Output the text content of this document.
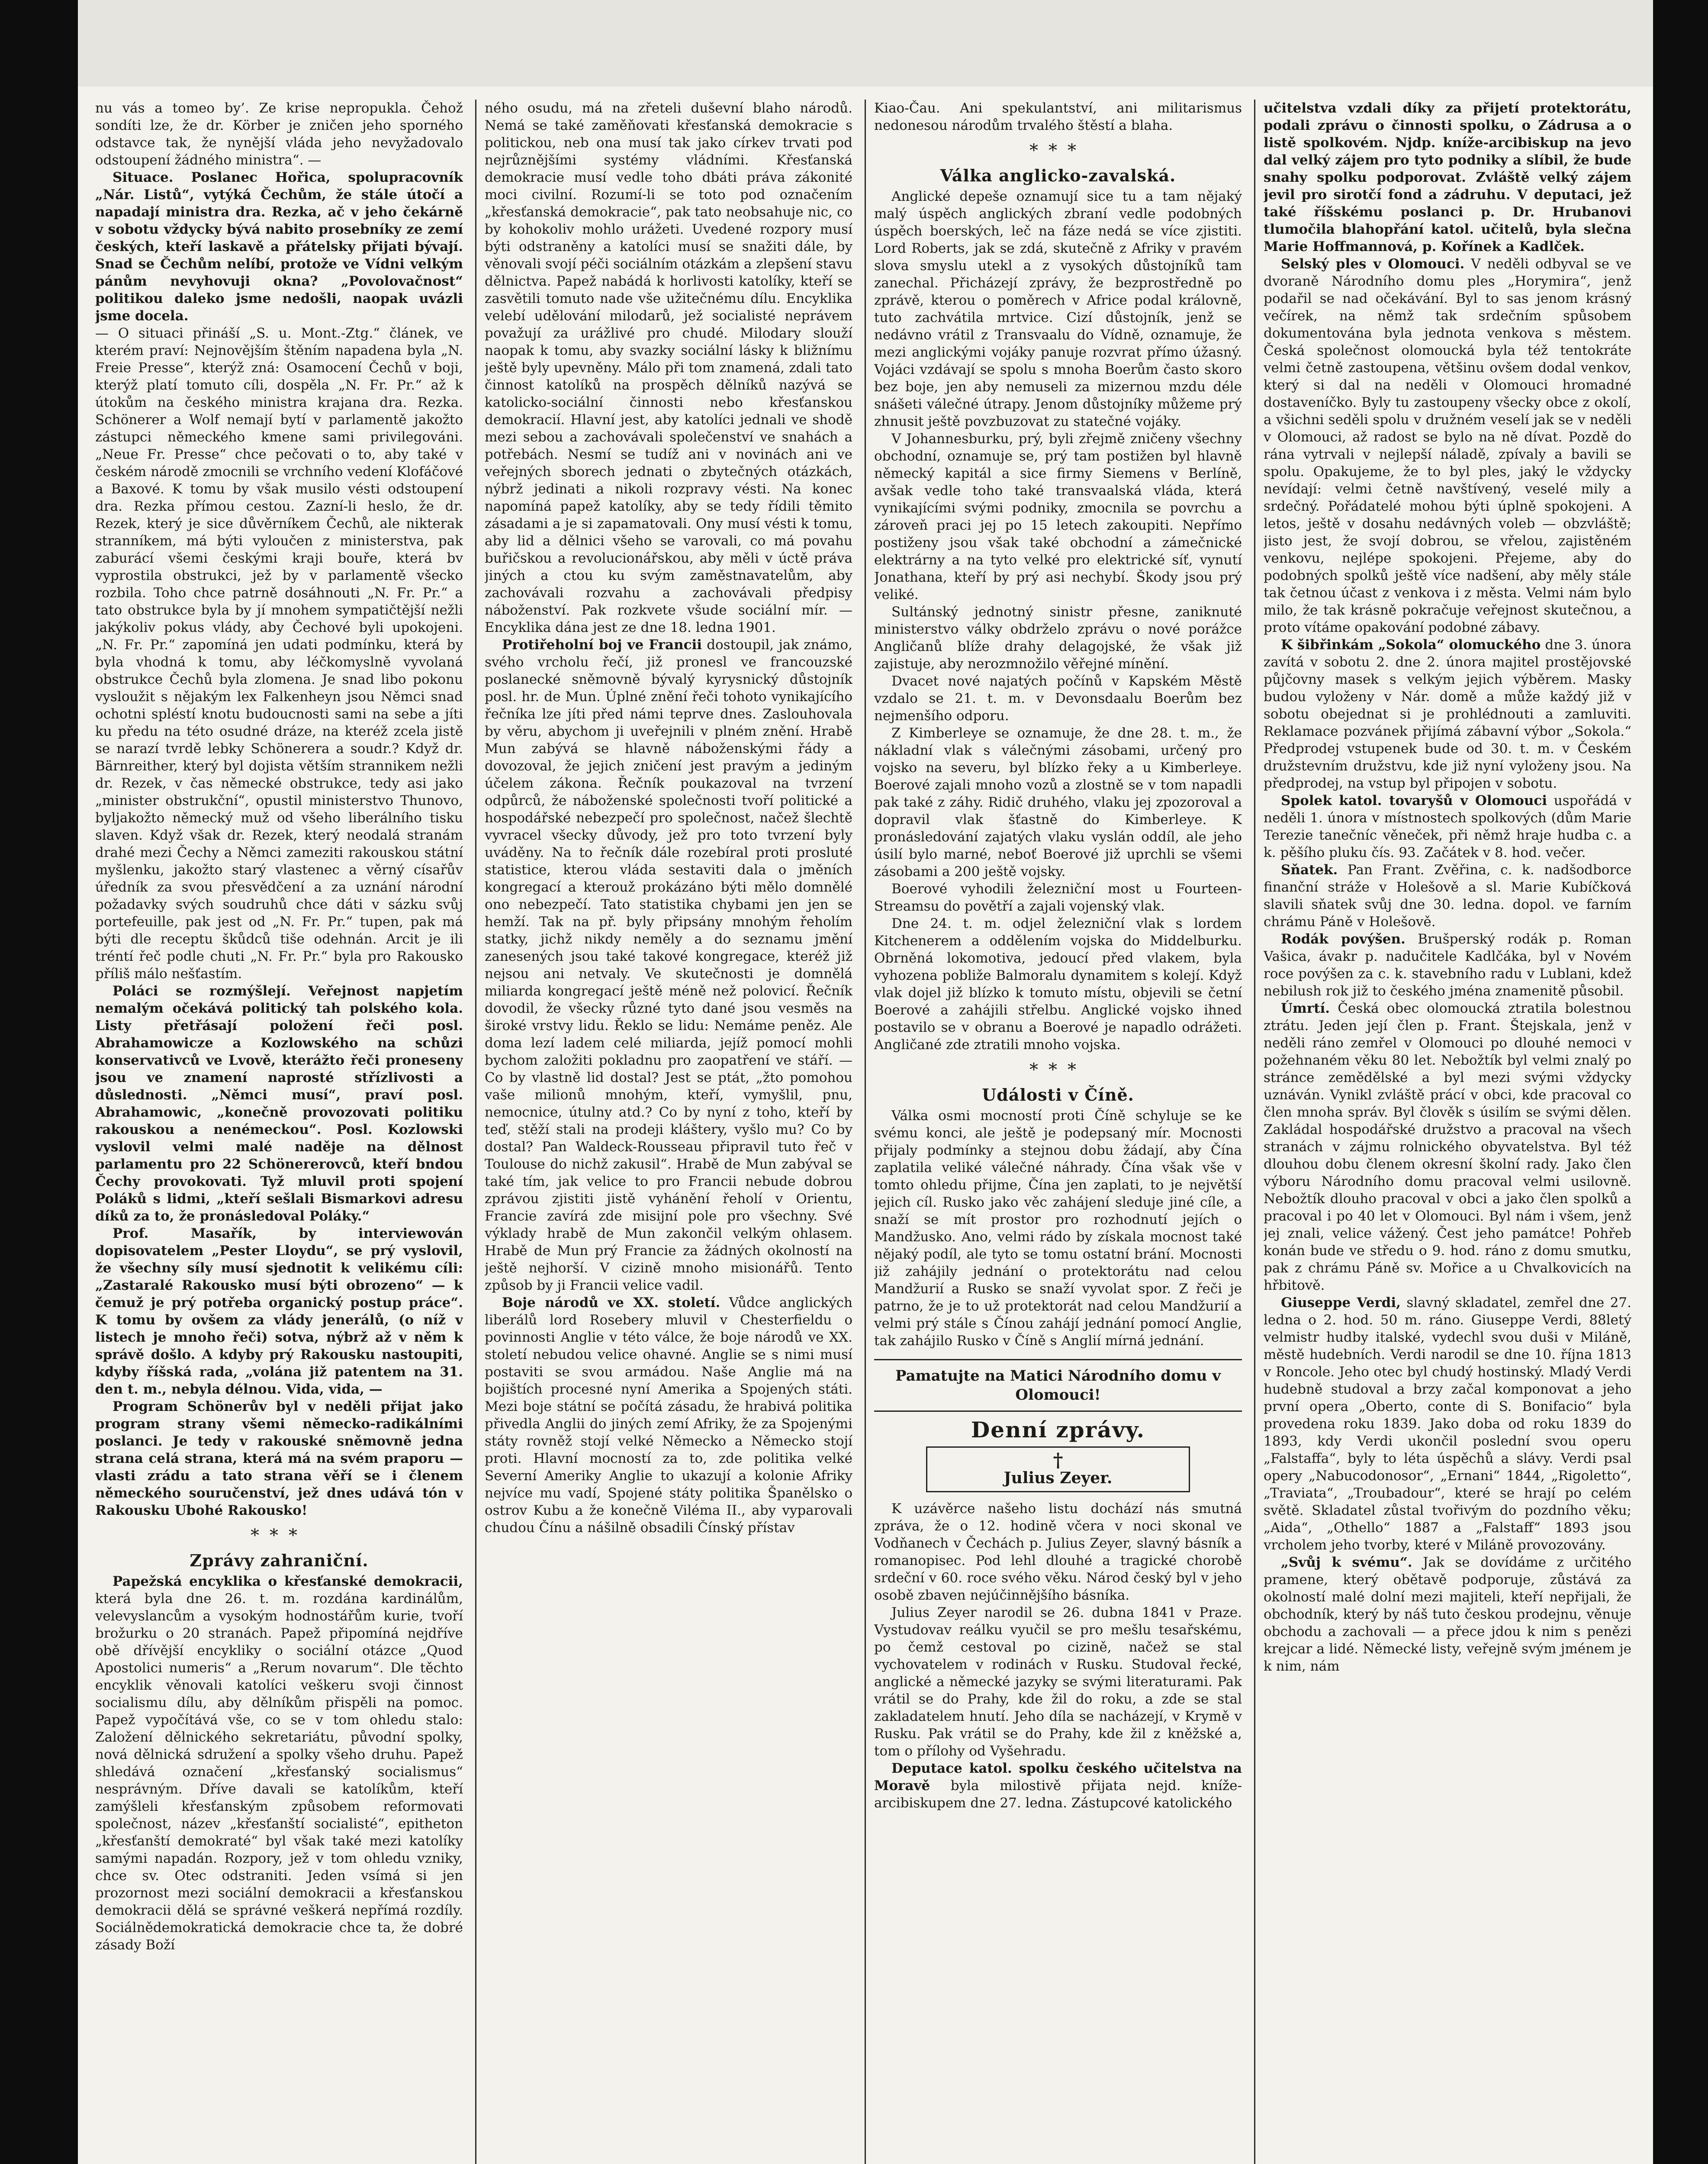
nu vás a tomeo by’. Ze krise nepropukla. Čehož sondíti lze, že dr. Körber je zničen jeho sporného odstavce tak, že nynější vláda jeho nevyžadovalo odstoupení žádného ministra“. —

Situace. Poslanec Hořica, spolupracovník „Nár. Listů“, vytýká Čechům, že stále útočí a napadají ministra dra. Rezka, ač v jeho čekárně v sobotu vždycky bývá nabito prosebníky ze zemí českých, kteří laskavě a přátelsky přijati bývají. Snad se Čechům nelíbí, protože ve Vídni velkým pánům nevyhovuji okna? „Povolovačnost“ politikou daleko jsme nedošli, naopak uvázli jsme docela.

— O situaci přináší „S. u. Mont.-Ztg.“ článek, ve kterém praví: Nejnovějším štěním napadena byla „N. Freie Presse“, kterýž zná: Osamocení Čechů v boji, kterýž platí tomuto cíli, dospěla „N. Fr. Pr.“ až k útokům na českého ministra krajana dra. Rezka. Schönerer a Wolf nemají bytí v parlamentě jakožto zástupci německého kmene sami privilegováni. „Neue Fr. Presse“ chce pečovati o to, aby také v českém národě zmocnili se vrchního vedení Klofáčové a Baxové. K tomu by však musilo vésti odstoupení dra. Rezka přímou cestou. Zazní-li heslo, že dr. Rezek, který je sice důvěrníkem Čechů, ale nikterak stranníkem, má býti vyloučen z ministerstva, pak zaburácí všemi českými kraji bouře, která bv vyprostila obstrukci, jež by v parlamentě všecko rozbila. Toho chce patrně dosáhnouti „N. Fr. Pr.“ a tato obstrukce byla by jí mnohem sympatičtější nežli jakýkoliv pokus vlády, aby Čechové byli upokojeni. „N. Fr. Pr.“ zapomíná jen udati podmínku, která by byla vhodná k tomu, aby léčkomyslně vyvolaná obstrukce Čechů byla zlomena. Je snad libo pokonu vysloužit s nějakým lex Falkenheyn jsou Němci snad ochotni spléstí knotu budoucnosti sami na sebe a jíti ku předu na této osudné dráze, na kteréž zcela jistě se narazí tvrdě lebky Schönerera a soudr.? Když dr. Bärnreither, který byl dojista větším strannikem nežli dr. Rezek, v čas německé obstrukce, tedy asi jako „minister obstrukční“, opustil ministerstvo Thunovo, byljakožto německý muž od všeho liberálního tisku slaven. Když však dr. Rezek, který neodalá stranám drahé mezi Čechy a Němci zameziti rakouskou státní myšlenku, jakožto starý vlastenec a věrný císařův úředník za svou přesvědčení a za uznání národní požadavky svých soudruhů chce dáti v sázku svůj portefeuille, pak jest od „N. Fr. Pr.“ tupen, pak má býti dle receptu škůdců tiše odehnán. Arcit je ili tréntí řeč podle chuti „N. Fr. Pr.“ byla pro Rakousko příliš málo nešťastím.

Poláci se rozmýšlejí. Veřejnost napjetím nemalým očekává politický tah polského kola. Listy přetřásají položení řeči posl. Abrahamowicze a Kozlowského na schůzi konservativců ve Lvově, kterážto řeči proneseny jsou ve znamení naprosté střízlivosti a důslednosti. „Němci musí“, praví posl. Abrahamowic, „konečně provozovati politiku rakouskou a nenémeckou“. Posl. Kozlowski vyslovil velmi malé naděje na dělnost parlamentu pro 22 Schönererovců, kteří bndou Čechy provokovati. Tyž mluvil proti spojení Poláků s lidmi, „kteří sešlali Bismarkovi adresu díků za to, že pronásledoval Poláky.“

Prof. Masařík,	by interviewován dopisovatelem „Pester Lloydu“, se prý vyslovil, že všechny síly musí sjednotit k velikému cíli: „Zastaralé Rakousko musí býti obrozeno“ — k čemuž je prý potřeba organický postup práce“. K tomu by ovšem za vlády jenerálů, (o níž v listech je mnoho řeči) sotva, nýbrž až v něm k správě došlo. A kdyby prý Rakousku nastoupiti, kdyby říšská rada, „volána již patentem na 31. den t. m., nebyla délnou. Vida, vida, —

Program Schönerův byl v neděli přijat jako program strany všemi německo-radikálními poslanci. Je tedy v rakouské sněmovně jedna strana celá strana, která má na svém praporu — vlasti zrádu a tato strana věří se i členem německého souručenství, jež dnes udává tón v Rakousku Ubohé Rakousko!

***
Zprávy zahraniční.

Papežská encyklika o křesťanské demokracii, která byla dne 26. t. m. rozdána kardinálům, velevyslancům a vysokým hodnostářům kurie, tvoří brožurku o 20 stranách. Papež připomíná nejdříve obě dřívější encykliky o sociální otázce „Quod Apostolici numeris“ a „Rerum novarum“. Dle těchto encyklik věnovali katolíci veškeru svoji činnost socialismu dílu, aby dělníkům přispěli na pomoc. Papež vypočítává vše, co se v tom ohledu stalo: Založení dělnického sekretariátu, původní spolky, nová dělnická sdružení a spolky všeho druhu. Papež shledává označení „křesťanský socialismus“ nesprávným. Dříve davali se katolíkům, kteří zamýšleli křesťanským způsobem reformovati společnost, název „křesťanští socialisté“, epitheton „křesťanští demokraté“ byl však také mezi katolíky samými napadán. Rozpory, jež v tom ohledu vzniky, chce sv. Otec odstraniti. Jeden vsímá si jen prozornost mezi sociální demokracii a křesťanskou demokracii dělá se správné veškerá nepřímá rozdíly. Sociálnědemokratická demokracie chce ta, že dobré zásady Boží

ného osudu, má na zřeteli duševní blaho národů. Nemá se také zaměňovati křesťanská demokracie s politickou, neb ona musí tak jako církev trvati pod nejrůznějšími systémy vládními. Křesťanská demokracie musí vedle toho dbáti práva zákonité moci civilní. Rozumí-li se toto pod označením „křesťanská demokracie“, pak tato neobsahuje nic, co by kohokoliv mohlo urážeti. Uvedené rozpory musí býti odstraněny a katolíci musí se snažiti dále, by věnovali svojí péči sociálním otázkám a zlepšení stavu dělnictva. Papež nabádá k horlivosti katolíky, kteří se zasvětili tomuto nade vše užitečnému dílu. Encyklika velebí udělování milodarů, jež socialisté neprávem považují za urážlivé pro chudé. Milodary slouží naopak k tomu, aby svazky sociální lásky k bližnímu ještě byly upevněny. Málo při tom znamená, zdali tato činnost katolíků na prospěch dělníků nazývá se katolicko-sociální činnosti nebo křesťanskou demokracií. Hlavní jest, aby katolíci jednali ve shodě mezi sebou a zachovávali společenství ve snahách a potřebách. Nesmí se tudíž ani v novinách ani ve veřejných sborech jednati o zbytečných otázkách, nýbrž jedinati a nikoli rozpravy vésti. Na konec napomíná papež katolíky, aby se tedy řídili těmito zásadami a je si zapamatovali. Ony musí vésti k tomu, aby lid a dělnici všeho se varovali, co má povahu buřičskou a revolucionářskou, aby měli v úctě práva jiných a ctou ku svým zaměstnavatelům, aby zachovávali rozvahu a zachovávali předpisy náboženství. Pak rozkvete všude sociální mír. — Encyklika dána jest ze dne 18. ledna 1901.

Protiřeholní boj ve Francii dostoupil, jak známo, svého vrcholu řečí, již pronesl ve francouzské poslanecké sněmovně bývalý kyrysnický důstojník posl. hr. de Mun. Úplné znění řeči tohoto vynikajícího řečníka lze jíti před námi teprve dnes. Zaslouhovala by věru, abychom ji uveřejnili v plném znění. Hrabě Mun zabývá se hlavně náboženskými řády a dovozoval, že jejich zničení jest pravým a jediným účelem zákona. Řečník poukazoval na tvrzení odpůrců, že náboženské společnosti tvoří politické a hospodářské nebezpečí pro společnost, načež šlechtě vyvracel všecky důvody, jež pro toto tvrzení byly uváděny. Na to řečník dále rozebíral proti prosluté statistice, kterou vláda sestaviti dala o jměních kongregací a kterouž prokázáno býti mělo domnělé ono nebezpečí. Tato statistika chybami jen jen se hemží. Tak na př. byly připsány mnohým řeholím statky, jichž nikdy neměly a do seznamu jmění zanesených jsou také takové kongregace, kteréž již nejsou ani netvaly. Ve skutečnosti je domnělá miliarda kongregací ještě méně než polovicí. Řečník dovodil, že všecky různé tyto dané jsou vesměs na široké vrstvy lidu. Řeklo se lidu: Nemáme peněz. Ale doma lezí ladem celé miliarda, jejíž pomocí mohli bychom založiti pokladnu pro zaopatření ve stáří. — Co by vlastně lid dostal? Jest se ptát, „žto pomohou vaše milionů mnohým, kteří, vymyšlil, pnu, nemocnice, útulny atd.? Co by nyní z toho, kteří by teď, stěží stali na prodeji kláštery, vyšlo mu? Co by dostal? Pan Waldeck-Rousseau připravil tuto řeč v Toulouse do nichž zakusil“. Hrabě de Mun zabýval se také tím, jak velice to pro Francii nebude dobrou zprávou zjistiti jistě vyhánění řeholí v Orientu, Francie zavírá zde misijní pole pro všechny. Své výklady hrabě de Mun zakončil velkým ohlasem. Hrabě de Mun prý Francie za žádných okolností na ještě nejhorší. V cizině mnoho misionářů. Tento způsob by ji Francii velice vadil.

Boje národů ve XX. století. Vůdce anglických liberálů lord Rosebery mluvil v Chesterfieldu o povinnosti Anglie v této válce, že boje národů ve XX. století nebudou velice ohavné. Anglie se s nimi musí postaviti se svou armádou. Naše Anglie má na bojištích procesné nyní Amerika a Spojených státi. Mezi boje státní se počítá zásadu, že hrabivá politika přivedla Anglii do jiných zemí Afriky, že za Spojenými státy rovněž stojí velké Německo a Německo stojí proti. Hlavní mocností za to, zde politika velké Severní Ameriky Anglie to ukazují a kolonie Afriky nejvíce mu vadí, Spojené státy politika Španělsko o ostrov Kubu a že konečně Viléma II., aby vyparovali chudou Čínu a nášilně obsadili Čínský přístav

Kiao-Čau. Ani spekulantství, ani militarismus nedonesou národům trvalého štěstí a blaha.

***
Válka anglicko-zavalská.

Anglické depeše oznamují sice tu a tam nějaký malý úspěch anglických zbraní vedle podobných úspěch boerských, leč na fáze nedá se více zjistiti. Lord Roberts, jak se zdá, skutečně z Afriky v pravém slova smyslu utekl a z vysokých důstojníků tam zanechal. Přicházejí zprávy, že bezprostředně po zprávě, kterou o poměrech v Africe podal královně, tuto zachvátila mrtvice. Cizí důstojník, jenž se nedávno vrátil z Transvaalu do Vídně, oznamuje, že mezi anglickými vojáky panuje rozvrat přímo úžasný. Vojáci vzdávají se spolu s mnoha Boerům často skoro bez boje, jen aby nemuseli za mizernou mzdu déle snášeti válečné útrapy. Jenom důstojníky můžeme prý zhnusit ještě povzbuzovat zu statečné vojáky.

V Johannesburku, prý, byli zřejmě zničeny všechny obchodní, oznamuje se, prý tam postižen byl hlavně německý kapitál a sice firmy Siemens v Berlíně, avšak vedle toho také transvaalská vláda, která vynikajícími svými podniky, zmocnila se povrchu a zároveň praci jej po 15 letech zakoupiti. Nepřímo postiženy jsou však také obchodní a zámečnické elektrárny a na tyto velké pro elektrické síť, vynutí Jonathana, kteří by prý asi nechybí. Škody jsou prý veliké.

Sultánský jednotný sinistr přesne, zaniknuté ministerstvo války obdrželo zprávu o nové porážce Angličanů blíže drahy delagojské, že však již zajistuje, aby nerozmnožilo věřejné mínění.

Dvacet nové najatých počínů v Kapském Městě vzdalo se 21. t. m. v Devonsdaalu Boerům bez nejmenšího odporu.

Z Kimberleye se oznamuje, že dne 28. t. m., že nákladní vlak s válečnými zásobami, určený pro vojsko na severu, byl blízko řeky a u Kimberleye. Boerové zajali mnoho vozů a zlostně se v tom napadli pak také z záhy. Ridič druhého, vlaku jej zpozoroval a dopravil vlak šťastně do Kimberleye. K pronásledování zajatých vlaku vyslán oddíl, ale jeho úsilí bylo marné, neboť Boerové již uprchli se všemi zásobami a 200 ještě vojsky.

Boerové vyhodili železniční most u Fourteen-Streamsu do povětří a zajali vojenský vlak.

Dne 24. t. m. odjel železniční vlak s lordem Kitchenerem a oddělením vojska do Middelburku. Obrněná lokomotiva, jedoucí před vlakem, byla vyhozena pobliže Balmoralu dynamitem s kolejí. Když vlak dojel již blízko k tomuto místu, objevili se četní Boerové a zahájili střelbu. Anglické vojsko ihned postavilo se v obranu a Boerové je napadlo odrážeti. Angličané zde ztratili mnoho vojska.

***
Události v Číně.

Válka osmi mocností proti Číně schyluje se ke svému konci, ale ještě je podepsaný mír. Mocnosti přijaly podmínky a stejnou dobu žádají, aby Čína zaplatila veliké válečné náhrady. Čína však vše v tomto ohledu přijme, Čína jen zaplati, to je největší jejich cíl. Rusko jako věc zahájení sleduje jiné cíle, a snaží se mít prostor pro rozhodnutí jejích o Mandžusko. Ano, velmi rádo by získala mocnost také nějaký podíl, ale tyto se tomu ostatní brání. Mocnosti již zahájily jednání o protektorátu nad celou Mandžurií a Rusko se snaží vyvolat spor. Z řeči je patrno, že je to už protektorát nad celou Mandžurií a velmi prý stále s Čínou zahájí jednání pomocí Anglie, tak zahájilo Rusko v Číně s Anglií mírná jednání.

Pamatujte na Matici Národního domu v Olomouci!
Denní zprávy.
†
Julius Zeyer.

K uzávěrce našeho listu dochází nás smutná zpráva, že o 12. hodině včera v noci skonal ve Vodňanech v Čechách p. Julius Zeyer, slavný básník a romanopisec. Pod lehl dlouhé a tragické chorobě srdeční v 60. roce svého věku. Národ český byl v jeho osobě zbaven nejúčinnějšího básníka.

Julius Zeyer narodil se 26. dubna 1841 v Praze. Vystudovav reálku vyučil se pro mešlu tesařskému, po čemž cestoval po cizině, načež se stal vychovatelem v rodinách v Rusku. Studoval řecké, anglické a německé jazyky se svými literaturami. Pak vrátil se do Prahy, kde žil do roku, a zde se stal zakladatelem hnutí. Jeho díla se nacházejí, v Krymě v Rusku. Pak vrátil se do Prahy, kde žil z kněžské a, tom o přílohy od Vyšehradu.

Deputace katol. spolku českého učitelstva na Moravě byla milostivě přijata nejd. kníže-arcibiskupem dne 27. ledna. Zástupcové katolického

učitelstva vzdali díky za přijetí protektorátu, podali zprávu o činnosti spolku, o Zádrusa a o listě spolkovém. Njdp. kníže-arcibiskup na jevo dal velký zájem pro tyto podniky a slíbil, že bude snahy spolku podporovat. Zvláště velký zájem jevil pro sirotčí fond a zádruhu. V deputaci, jež také říšskému poslanci p. Dr. Hrubanovi tlumočila blahopřání katol. učitelů, byla slečna Marie Hoffmannová, p. Kořínek a Kadlček.

Selský ples v Olomouci. V neděli odbyval se ve dvoraně Národního domu ples „Horymira“, jenž podařil se nad očekávání. Byl to sas jenom krásný večírek, na němž tak srdečním spůsobem dokumentována byla jednota venkova s městem. Česká společnost olomoucká byla též tentokráte velmi četně zastoupena, většinu ovšem dodal venkov, který si dal na neděli v Olomouci hromadné dostaveníčko. Byly tu zastoupeny všecky obce z okolí, a všichni seděli spolu v družném veselí jak se v neděli v Olomouci, až radost se bylo na ně dívat. Pozdě do rána vytrvali v nejlepší náladě, zpívaly a bavili se spolu. Opakujeme, že to byl ples, jaký le vždycky nevídají: velmi četně navštívený, veselé mily a srdečný. Pořádatelé mohou býti úplně spokojeni. A letos, ještě v dosahu nedávných voleb — obzvláště; jisto jest, že svojí dobrou, se vřelou, zajistěném venkovu, nejlépe spokojeni. Přejeme, aby do podobných spolků ještě více nadšení, aby měly stále tak četnou účast z venkova i z města. Velmi nám bylo milo, že tak krásně pokračuje veřejnost skutečnou, a proto vítáme opakování podobné zábavy.

K šibřinkám „Sokola“ olomuckého dne 3. února zavítá v sobotu 2. dne 2. února majitel prostějovské půjčovny masek s velkým jejich výběrem. Masky budou vyloženy v Nár. domě a může každý již v sobotu obejednat si je prohlédnouti a zamluviti. Reklamace pozvánek přijímá zábavní výbor „Sokola.“ Předprodej vstupenek bude od 30. t. m. v Českém družstevním družstvu, kde již nyní vyloženy jsou. Na předprodej, na vstup byl připojen v sobotu.

Spolek katol. tovaryšů v Olomouci uspořádá v neděli 1. února v místnostech spolkových (dům Marie Terezie tanečníc věneček, při němž hraje hudba c. a k. pěšího pluku čís. 93. Začátek v 8. hod. večer.

Sňatek. Pan Frant. Zvěřina, c. k. nadšodborce finanční stráže v Holešově a sl. Marie Kubíčková slavili sňatek svůj dne 30. ledna. dopol. ve farním chrámu Páně v Holešově.

Rodák povýšen. Brušperský rodák p. Roman Vašica, ávakr p. nadučitele Kadlčáka, byl v Novém roce povýšen za c. k. stavebního radu v Lublani, kdež nebilush rok již to českého jména znamenitě působil.

Úmrtí. Česká obec olomoucká ztratila bolestnou ztrátu. Jeden její člen p. Frant. Štejskala, jenž v neděli ráno zemřel v Olomouci po dlouhé nemoci v požehnaném věku 80 let. Nebožtík byl velmi znalý po stránce zemědělské a byl mezi svými vždycky uznáván. Vynikl zvláště prácí v obci, kde pracoval co člen mnoha správ. Byl člověk s úsilím se svými dělen. Zakládal hospodářské družstvo a pracoval na všech stranách v zájmu rolnického obyvatelstva. Byl též dlouhou dobu členem okresní školní rady. Jako člen výboru Národního domu pracoval velmi usilovně. Nebožtík dlouho pracoval v obci a jako člen spolků a pracoval i po 40 let v Olomouci. Byl nám i všem, jenž jej znali, velice vážený. Čest jeho památce! Pohřeb konán bude ve středu o 9. hod. ráno z domu smutku, pak z chrámu Páně sv. Mořice a u Chvalkovicích na hřbitově.

Giuseppe Verdi, slavný skladatel, zemřel dne 27. ledna o 2. hod. 50 m. ráno. Giuseppe Verdi, 88letý velmistr hudby italské, vydechl svou duši v Miláně, městě hudebních. Verdi narodil se dne 10. října 1813 v Roncole. Jeho otec byl chudý hostinský. Mladý Verdi hudebně studoval a brzy začal komponovat a jeho první opera „Oberto, conte di S. Bonifacio“ byla provedena roku 1839. Jako doba od roku 1839 do 1893, kdy Verdi ukončil poslední svou operu „Falstaffa“, byly to léta úspěchů a slávy. Verdi psal opery „Nabucodonosor“, „Ernani“ 1844, „Rigoletto“, „Traviata“, „Troubadour“, které se hrají po celém světě. Skladatel zůstal tvořivým do pozdního věku; „Aida“, „Othello“ 1887 a „Falstaff“ 1893 jsou vrcholem jeho tvorby, které v Miláně provozovány.

„Svůj k svému“. Jak se dovídáme z určitého pramene, který obětavě podporuje, zůstává za okolností malé dolní mezi majiteli, kteří nepřijali, že obchodník, který by náš tuto českou prodejnu, věnuje obchodu a zachovali — a přece jdou k nim s penězi krejcar a lidé. Německé listy, veřejně svým jménem je k nim, nám
